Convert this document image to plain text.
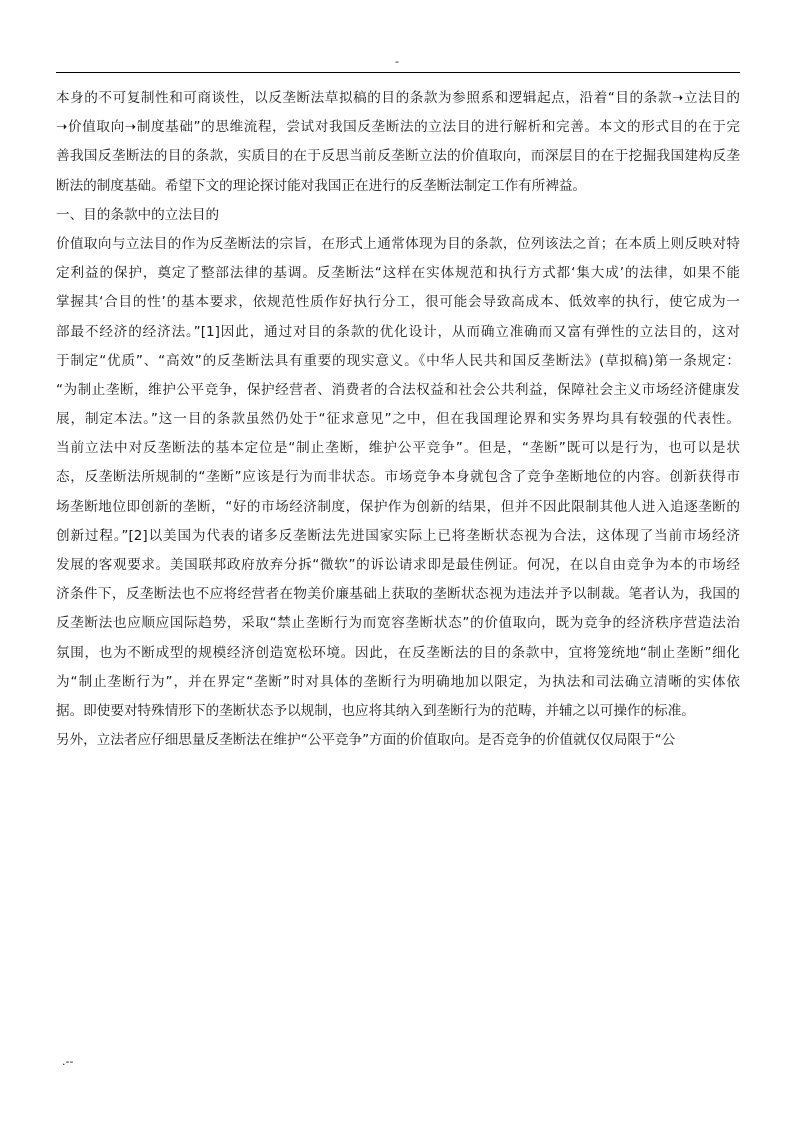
-
本身的不可复制性和可商谈性，以反垄断法草拟稿的目的条款为参照系和逻辑起点，沿着“目的条款➝立法目的
➝价值取向➝制度基础”的思维流程，尝试对我国反垄断法的立法目的进行解析和完善。本文的形式目的在于完
善我国反垄断法的目的条款，实质目的在于反思当前反垄断立法的价值取向，而深层目的在于挖掘我国建构反垄
断法的制度基础。希望下文的理论探讨能对我国正在进行的反垄断法制定工作有所裨益。
一、目的条款中的立法目的
价值取向与立法目的作为反垄断法的宗旨，在形式上通常体现为目的条款，位列该法之首；在本质上则反映对特
定利益的保护，奠定了整部法律的基调。反垄断法“这样在实体规范和执行方式都‘集大成’的法律，如果不能
掌握其‘合目的性’的基本要求，依规范性质作好执行分工，很可能会导致高成本、低效率的执行，使它成为一
部最不经济的经济法。”[1]因此，通过对目的条款的优化设计，从而确立准确而又富有弹性的立法目的，这对
于制定“优质”、“高效”的反垄断法具有重要的现实意义。《中华人民共和国反垄断法》(草拟稿)第一条规定：
“为制止垄断，维护公平竞争，保护经营者、消费者的合法权益和社会公共利益，保障社会主义市场经济健康发
展，制定本法。”这一目的条款虽然仍处于“征求意见”之中，但在我国理论界和实务界均具有较强的代表性。
当前立法中对反垄断法的基本定位是“制止垄断，维护公平竞争”。但是，“垄断”既可以是行为，也可以是状
态，反垄断法所规制的“垄断”应该是行为而非状态。市场竞争本身就包含了竞争垄断地位的内容。创新获得市
场垄断地位即创新的垄断，“好的市场经济制度，保护作为创新的结果，但并不因此限制其他人进入追逐垄断的
创新过程。”[2]以美国为代表的诸多反垄断法先进国家实际上已将垄断状态视为合法，这体现了当前市场经济
发展的客观要求。美国联邦政府放弃分拆“微软”的诉讼请求即是最佳例证。何况，在以自由竞争为本的市场经
济条件下，反垄断法也不应将经营者在物美价廉基础上获取的垄断状态视为违法并予以制裁。笔者认为，我国的
反垄断法也应顺应国际趋势，采取“禁止垄断行为而宽容垄断状态”的价值取向，既为竞争的经济秩序营造法治
氛围，也为不断成型的规模经济创造宽松环境。因此，在反垄断法的目的条款中，宜将笼统地“制止垄断”细化
为“制止垄断行为”，并在界定“垄断”时对具体的垄断行为明确地加以限定，为执法和司法确立清晰的实体依
据。即使要对特殊情形下的垄断状态予以规制，也应将其纳入到垄断行为的范畴，并辅之以可操作的标准。
另外，立法者应仔细思量反垄断法在维护“公平竞争”方面的价值取向。是否竞争的价值就仅仅局限于“公
.--
